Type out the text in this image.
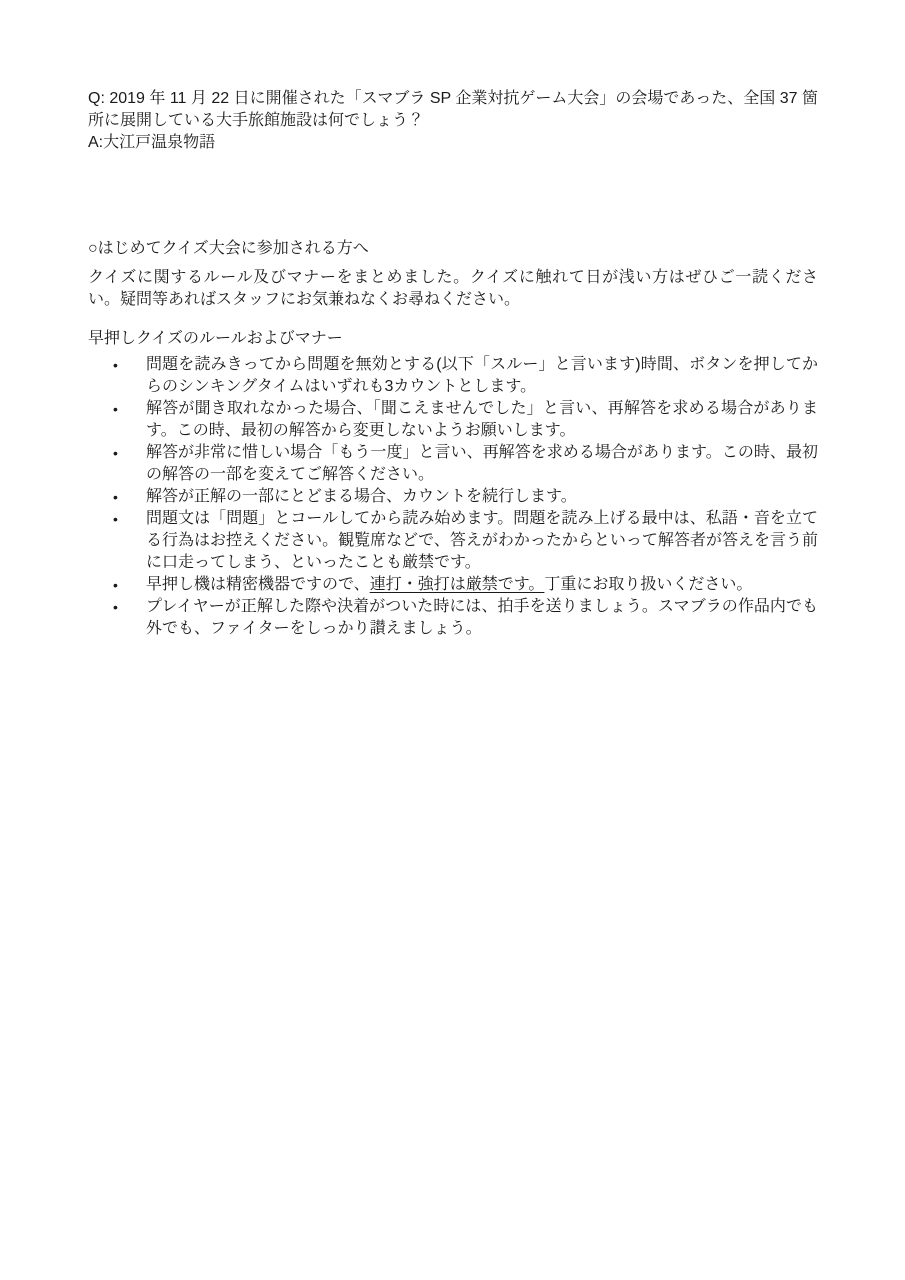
Q: 2019 年 11 月 22 日に開催された「スマブラ SP 企業対抗ゲーム大会」の会場であった、全国 37 箇所に展開している大手旅館施設は何でしょう？

A:大江戸温泉物語

○はじめてクイズ大会に参加される方へ

クイズに関するルール及びマナーをまとめました。クイズに触れて日が浅い方はぜひご一読ください。疑問等あればスタッフにお気兼ねなくお尋ねください。

早押しクイズのルールおよびマナー

• 問題を読みきってから問題を無効とする(以下「スルー」と言います)時間、ボタンを押してからのシンキングタイムはいずれも3カウントとします。
• 解答が聞き取れなかった場合、「聞こえませんでした」と言い、再解答を求める場合があります。この時、最初の解答から変更しないようお願いします。
• 解答が非常に惜しい場合「もう一度」と言い、再解答を求める場合があります。この時、最初の解答の一部を変えてご解答ください。
• 解答が正解の一部にとどまる場合、カウントを続行します。
• 問題文は「問題」とコールしてから読み始めます。問題を読み上げる最中は、私語・音を立てる行為はお控えください。観覧席などで、答えがわかったからといって解答者が答えを言う前に口走ってしまう、といったことも厳禁です。
• 早押し機は精密機器ですので、連打・強打は厳禁です。丁重にお取り扱いください。
• プレイヤーが正解した際や決着がついた時には、拍手を送りましょう。スマブラの作品内でも外でも、ファイターをしっかり讃えましょう。
